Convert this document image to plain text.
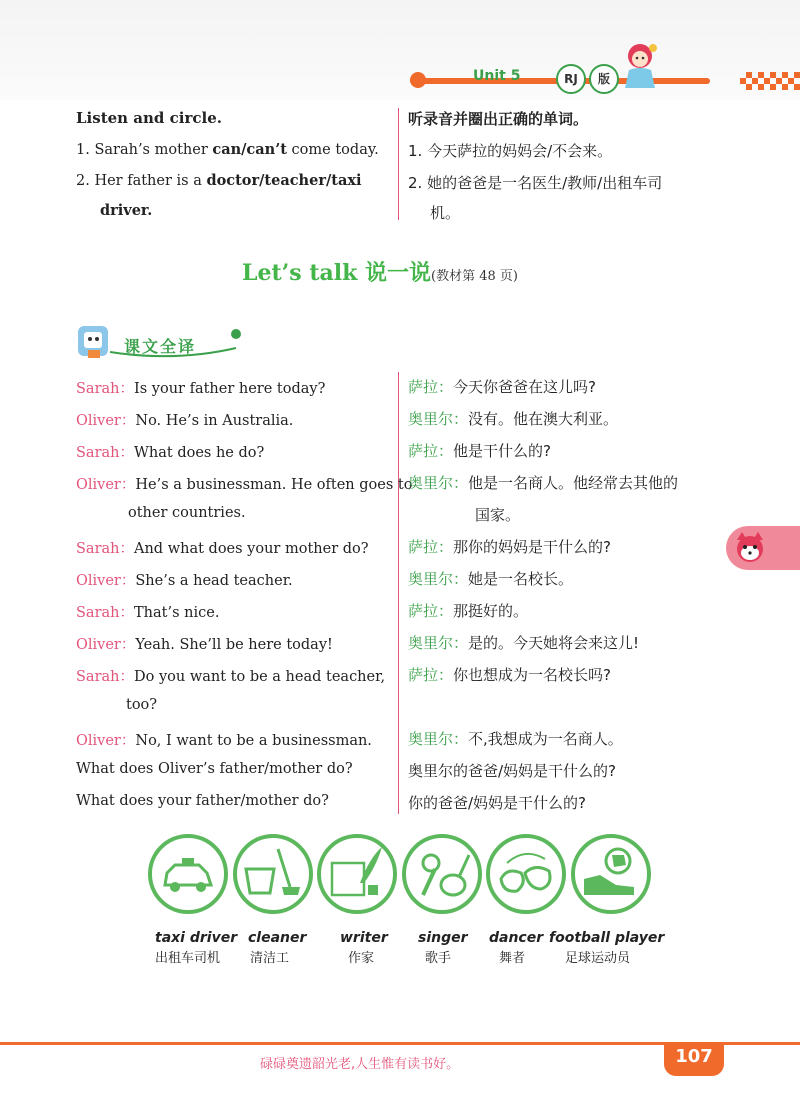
Unit 5	RJ	版
Listen and circle.	听录音并圈出正确的单词。
1. Sarah’s mother can/can’t come today. 1. 今天萨拉的妈妈会/不会来。
2. Her father is a doctor/teacher/taxi
driver.
2. 她的爸爸是一名医生/教师/出租车司
机。
Let’s talk 说一说(教材第 48 页)
课文全译
Sarah：Is your father here today?	萨拉：今天你爸爸在这儿吗?
Oliver：No. He’s in Australia.	奥里尔：没有。他在澳大利亚。
Sarah：What does he do?	萨拉：他是干什么的?
Oliver：He’s a businessman. He often goes to
other countries.
奥里尔：他是一名商人。他经常去其他的
国家。
Sarah：And what does your mother do?	萨拉：那你的妈妈是干什么的?
Oliver：She’s a head teacher.	奥里尔：她是一名校长。
Sarah：That’s nice.	萨拉：那挺好的。
Oliver：Yeah. She’ll be here today!	奥里尔：是的。今天她将会来这儿!
Sarah：Do you want to be a head teacher,
too?
萨拉：你也想成为一名校长吗?
Oliver：No, I want to be a businessman. 奥里尔：不,我想成为一名商人。
What does Oliver’s father/mother do?	奥里尔的爸爸/妈妈是干什么的?
What does your father/mother do?	你的爸爸/妈妈是干什么的?
taxi driver
出租车司机
cleaner
清洁工
writer
作家
singer
歌手
dancer
舞者
football player
足球运动员
碌碌奠遗韶光老,人生惟有读书好。	107
